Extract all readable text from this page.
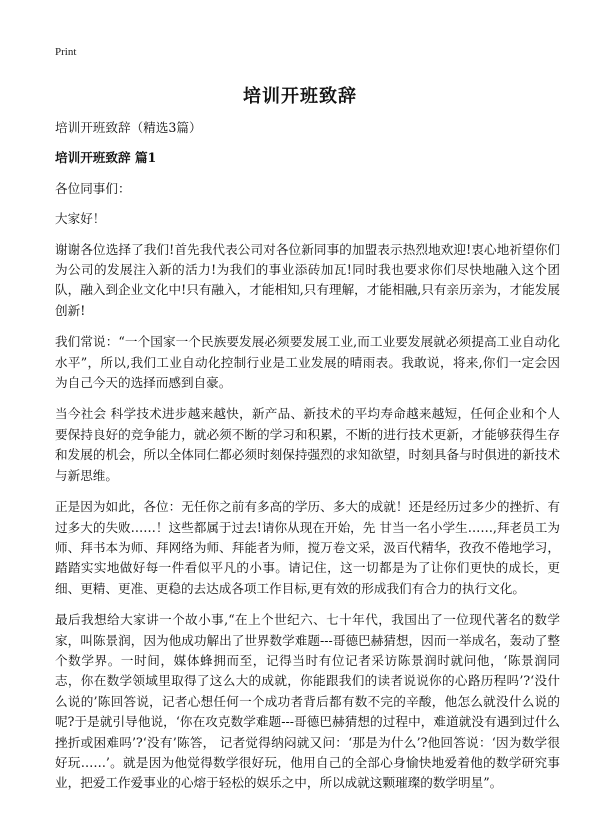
Print
培训开班致辞

培训开班致辞（精选3篇）

培训开班致辞 篇1

各位同事们：

大家好！

谢谢各位选择了我们!首先我代表公司对各位新同事的加盟表示热烈地欢迎!衷心地祈望你们为公司的发展注入新的活力!为我们的事业添砖加瓦!同时我也要求你们尽快地融入这个团队，融入到企业文化中!只有融入，才能相知,只有理解，才能相融,只有亲历亲为，才能发展创新!

我们常说：“一个国家一个民族要发展必须要发展工业,而工业要发展就必须提高工业自动化水平”，所以,我们工业自动化控制行业是工业发展的晴雨表。我敢说，将来,你们一定会因为自己今天的选择而感到自豪。

当今社会 科学技术进步越来越快，新产品、新技术的平均寿命越来越短，任何企业和个人要保持良好的竞争能力，就必须不断的学习和积累，不断的进行技术更新，才能够获得生存和发展的机会，所以全体同仁都必须时刻保持强烈的求知欲望，时刻具备与时俱进的新技术与新思维。

正是因为如此，各位：无任你之前有多高的学历、多大的成就！还是经历过多少的挫折、有过多大的失败……！这些都属于过去!请你从现在开始，先 甘当一名小学生……,拜老员工为师、拜书本为师、拜网络为师、拜能者为师，搅万卷文采，汲百代精华，孜孜不倦地学习，踏踏实实地做好每一件看似平凡的小事。请记住，这一切都是为了让你们更快的成长，更细、更精、更准、更稳的去达成各项工作目标,更有效的形成我们有合力的执行文化。

最后我想给大家讲一个故小事,“在上个世纪六、七十年代，我国出了一位现代著名的数学家，叫陈景润，因为他成功解出了世界数学难题---哥德巴赫猜想，因而一举成名，轰动了整个数学界。一时间，媒体蜂拥而至，记得当时有位记者采访陈景润时就问他，‘陈景润同志，你在数学领域里取得了这么大的成就，你能跟我们的读者说说你的心路历程吗’?‘没什么说的’陈回答说，记者心想任何一个成功者背后都有数不完的辛酸，他怎么就没什么说的呢?于是就引导他说，‘你在攻克数学难题---哥德巴赫猜想的过程中，难道就没有遇到过什么挫折或困难吗’?‘没有’陈答， 记者觉得纳闷就又问：‘那是为什么’?他回答说：‘因为数学很好玩……’。就是因为他觉得数学很好玩，他用自己的全部心身愉快地爱着他的数学研究事业，把爱工作爱事业的心熔于轻松的娱乐之中，所以成就这颗璀璨的数学明星”。
